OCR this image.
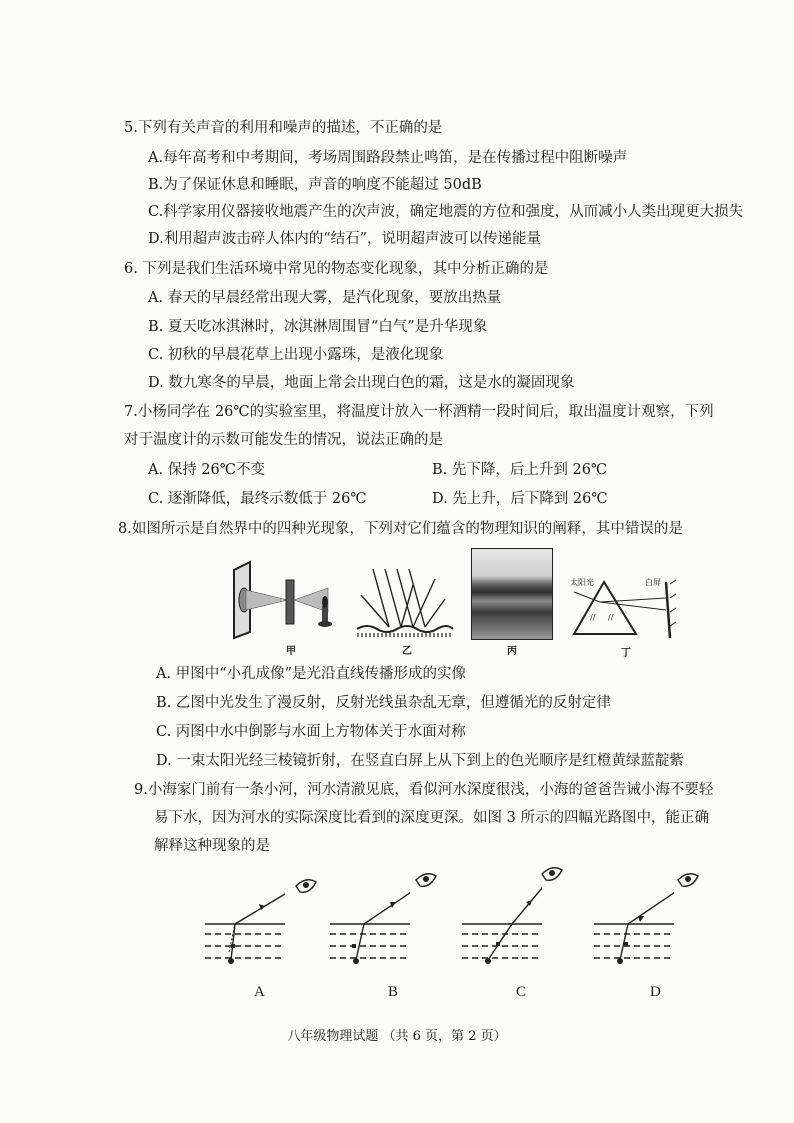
5.下列有关声音的利用和噪声的描述，不正确的是
A.每年高考和中考期间，考场周围路段禁止鸣笛，是在传播过程中阻断噪声
B.为了保证休息和睡眠，声音的响度不能超过 50dB
C.科学家用仪器接收地震产生的次声波，确定地震的方位和强度，从而减小人类出现更大损失
D.利用超声波击碎人体内的“结石”，说明超声波可以传递能量
6. 下列是我们生活环境中常见的物态变化现象，其中分析正确的是
A. 春天的早晨经常出现大雾，是汽化现象，要放出热量
B. 夏天吃冰淇淋时，冰淇淋周围冒“白气”是升华现象
C. 初秋的早晨花草上出现小露珠，是液化现象
D. 数九寒冬的早晨，地面上常会出现白色的霜，这是水的凝固现象
7.小杨同学在 26℃的实验室里，将温度计放入一杯酒精一段时间后，取出温度计观察，下列
对于温度计的示数可能发生的情况，说法正确的是
A. 保持 26℃不变	B. 先下降，后上升到 26℃
C. 逐渐降低，最终示数低于 26℃	D. 先上升，后下降到 26℃
8.如图所示是自然界中的四种光现象，下列对它们蕴含的物理知识的阐释，其中错误的是
甲	乙	丙
// //
太阳光	白屏
丁
A. 甲图中“小孔成像”是光沿直线传播形成的实像
B. 乙图中光发生了漫反射，反射光线虽杂乱无章，但遵循光的反射定律
C. 丙图中水中倒影与水面上方物体关于水面对称
D. 一束太阳光经三棱镜折射，在竖直白屏上从下到上的色光顺序是红橙黄绿蓝靛紫
9.小海家门前有一条小河，河水清澈见底，看似河水深度很浅，小海的爸爸告诫小海不要轻
易下水，因为河水的实际深度比看到的深度更深。如图 3 所示的四幅光路图中，能正确
解释这种现象的是
A	B	C	D
八年级物理试题 （共 6 页，第 2 页）
